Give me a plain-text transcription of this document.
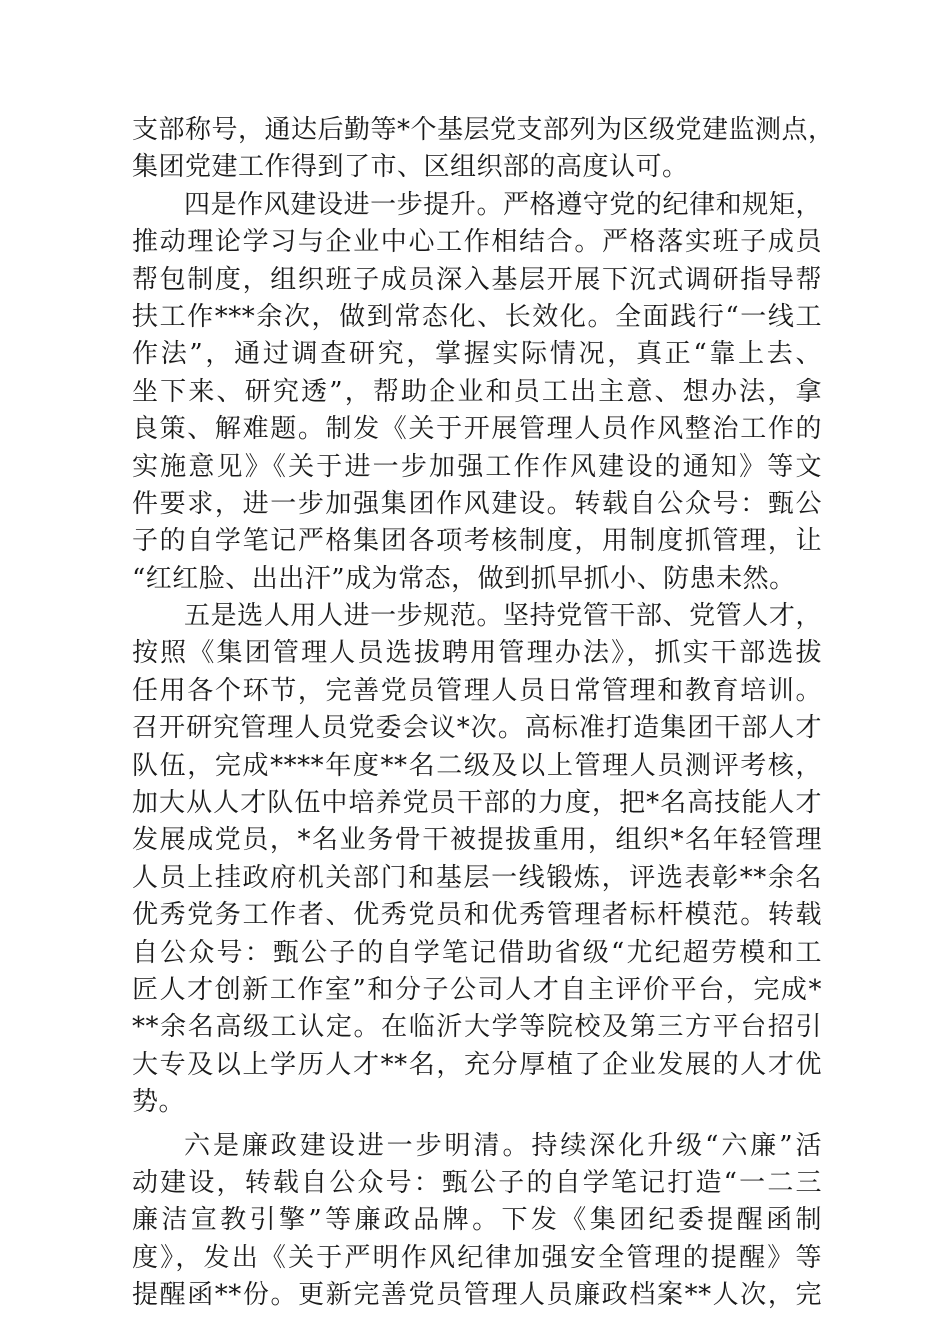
支部称号，通达后勤等*个基层党支部列为区级党建监测点，
集团党建工作得到了市、区组织部的高度认可。
四是作风建设进一步提升。严格遵守党的纪律和规矩，
推动理论学习与企业中心工作相结合。严格落实班子成员
帮包制度，组织班子成员深入基层开展下沉式调研指导帮
扶工作***余次，做到常态化、长效化。全面践行“一线工
作法”，通过调查研究，掌握实际情况，真正“靠上去、
坐下来、研究透”，帮助企业和员工出主意、想办法，拿
良策、解难题。制发《关于开展管理人员作风整治工作的
实施意见》《关于进一步加强工作作风建设的通知》等文
件要求，进一步加强集团作风建设。转载自公众号：甄公
子的自学笔记严格集团各项考核制度，用制度抓管理，让
“红红脸、出出汗”成为常态，做到抓早抓小、防患未然。
五是选人用人进一步规范。坚持党管干部、党管人才，
按照《集团管理人员选拔聘用管理办法》，抓实干部选拔
任用各个环节，完善党员管理人员日常管理和教育培训。
召开研究管理人员党委会议*次。高标准打造集团干部人才
队伍，完成****年度**名二级及以上管理人员测评考核，
加大从人才队伍中培养党员干部的力度，把*名高技能人才
发展成党员，*名业务骨干被提拔重用，组织*名年轻管理
人员上挂政府机关部门和基层一线锻炼，评选表彰**余名
优秀党务工作者、优秀党员和优秀管理者标杆模范。转载
自公众号：甄公子的自学笔记借助省级“尤纪超劳模和工
匠人才创新工作室”和分子公司人才自主评价平台，完成*
**余名高级工认定。在临沂大学等院校及第三方平台招引
大专及以上学历人才**名，充分厚植了企业发展的人才优
势。
六是廉政建设进一步明清。持续深化升级“六廉”活
动建设，转载自公众号：甄公子的自学笔记打造“一二三
廉洁宣教引擎”等廉政品牌。下发《集团纪委提醒函制
度》，发出《关于严明作风纪律加强安全管理的提醒》等
提醒函**份。更新完善党员管理人员廉政档案**人次，完
